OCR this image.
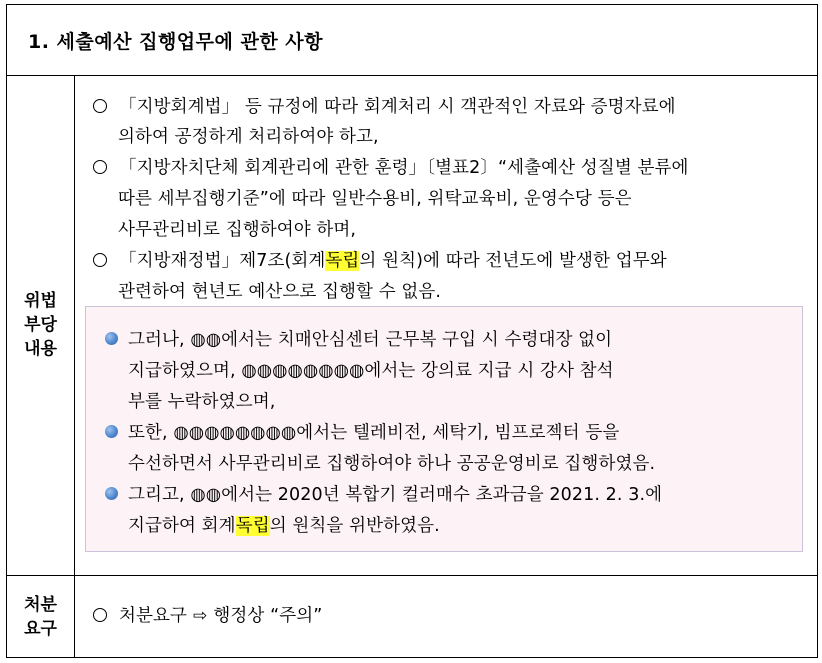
1. 세출예산 집행업무에 관한 사항
위법
부당
내용
「지방회계법」 등 규정에 따라 회계처리 시 객관적인 자료와 증명자료에
의하여 공정하게 처리하여야 하고,
「지방자치단체 회계관리에 관한 훈령」〔별표2〕“세출예산 성질별 분류에
따른 세부집행기준”에 따라 일반수용비, 위탁교육비, 운영수당 등은
사무관리비로 집행하여야 하며,
「지방재정법」제7조(회계독립의 원칙)에 따라 전년도에 발생한 업무와
관련하여 현년도 예산으로 집행할 수 없음.
그러나, ◍◍에서는 치매안심센터 근무복 구입 시 수령대장 없이
지급하였으며, ◍◍◍◍◍◍◍◍에서는 강의료 지급 시 강사 참석
부를 누락하였으며,
또한, ◍◍◍◍◍◍◍◍에서는 텔레비전, 세탁기, 빔프로젝터 등을
수선하면서 사무관리비로 집행하여야 하나 공공운영비로 집행하였음.
그리고, ◍◍에서는 2020년 복합기 컬러매수 초과금을 2021. 2. 3.에
지급하여 회계독립의 원칙을 위반하였음.
처분
요구
처분요구 ⇨ 행정상 “주의”
